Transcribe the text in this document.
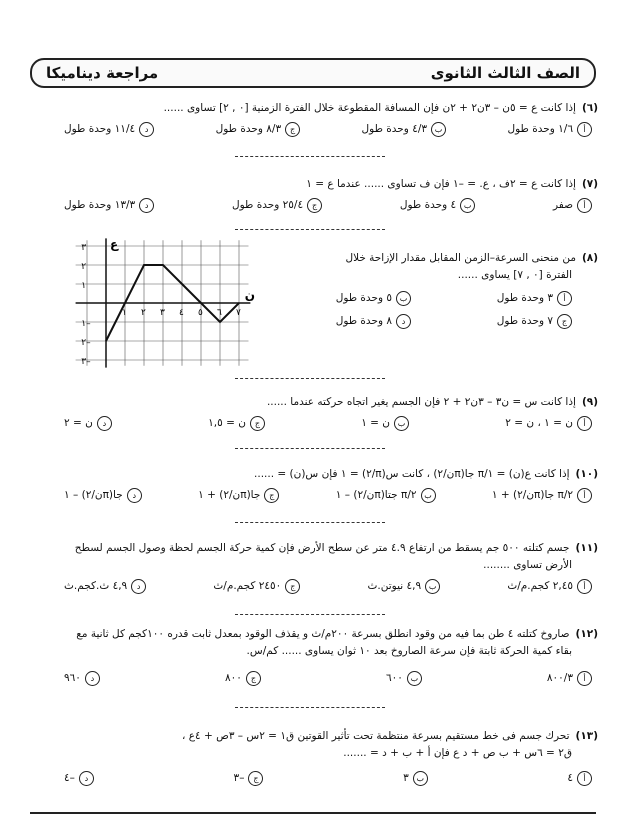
مراجعة ديناميكا	الصف الثالث الثانوى
(٦)إذا كانت ع = ٥ن – ٣ن٢ + ٢ن فإن المسافة المقطوعة خلال الفترة الزمنية [٠ , ٢] تساوى ......
أ
١/٦ وحدة طول
ب
٤/٣ وحدة طول
ج
٨/٣ وحدة طول
د
١١/٤ وحدة طول
(٧)إذا كانت ع = ٢ف ، ع. = –١ فإن ف تساوى ...... عندما ع = ١
أ
صفر
ب
٤ وحدة طول
ج
٢٥/٤ وحدة طول
د
١٣/٣ وحدة طول
(٨)من منحنى السرعة–الزمن المقابل مقدار الإزاحة خلال
الفترة [٠ , ٧] يساوى ......
أ
٣ وحدة طول
ب
٥ وحدة طول
ج
٧ وحدة طول
د
٨ وحدة طول
٣
٢
١
١–
٢–
٣–
١ ٢ ٣ ٤ ٥ ٦ ٧
ع
ن
(٩)إذا كانت س = ن٣ – ٣ن٢ + ٢ فإن الجسم يغير اتجاه حركته عندما ......
أ
ن = ١ ، ن = ٢
ب
ن = ١
ج
ن = ١,٥
د
ن = ٢
(١٠)إذا كانت ع(ن) = ١/π جا(πن/٢) ، كانت س(π/٢) = ١ فإن س(ن) = ......
أ
٢/π جا(πن/٢) + ١
ب
٢/π جتا(πن/٢) – ١
ج
جا(πن/٢) + ١
د
جا(πن/٢) – ١
(١١)جسم كتلته ٥٠٠ جم يسقط من ارتفاع ٤.٩ متر عن سطح الأرض فإن كمية حركة الجسم لحظة وصول الجسم لسطح
الأرض تساوى ........
أ
٢,٤٥ كجم.م/ث
ب
٤,٩ نيوتن.ث
ج
٢٤٥٠ كجم.م/ث
د
٤,٩ ث.كجم.ث
(١٢)صاروخ كتلته ٤ طن بما فيه من وقود انطلق بسرعة ٢٠٠م/ث و يقذف الوقود بمعدل ثابت قدره ١٠٠كجم كل ثانية مع
بقاء كمية الحركة ثابتة فإن سرعة الصاروخ بعد ١٠ ثوان يساوى ...... كم/س.
أ
٨٠٠/٣
ب
٦٠٠
ج
٨٠٠
د
٩٦٠
(١٣)تحرك جسم فى خط مستقيم بسرعة منتظمة تحت تأثير القوتين ق١ = ٢س – ٣ص + ٤ع ،
ق٢ = ٦س + ب ص + د ع فإن أ + ب + د = .......
أ
٤
ب
٣
ج
–٣
د
–٤
